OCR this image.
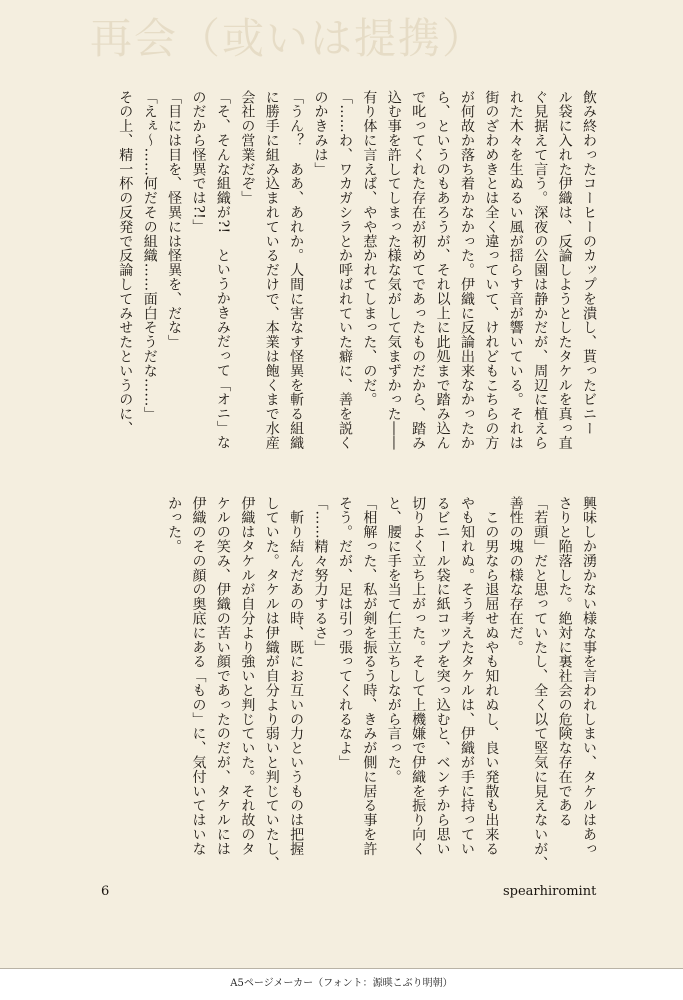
再会（或いは提携）
飲み終わったコーヒーのカップを潰し、貰ったビニー
ル袋に入れた伊織は、反論しようとしたタケルを真っ直
ぐ見据えて言う。深夜の公園は静かだが、周辺に植えら
れた木々を生ぬるい風が揺らす音が響いている。それは
街のざわめきとは全く違っていて、けれどもこちらの方
が何故か落ち着かなかった。伊織に反論出来なかったか
ら、というのもあろうが、それ以上に此処まで踏み込ん
で叱ってくれた存在が初めてであったものだから、踏み
込む事を許してしまった様な気がして気まずかった――
有り体に言えば、やや惹かれてしまった、のだ。
「……わ、ワカガシラとか呼ばれていた癖に、善を説く
のかきみは」
「うん？　ああ、あれか。人間に害なす怪異を斬る組織
に勝手に組み込まれているだけで、本業は飽くまで水産
会社の営業だぞ」
「そ、そんな組織が?!　というかきみだって「オニ」な
のだから怪異では?!」
「目には目を、怪異には怪異を、だな」
「えぇ～……何だその組織……面白そうだな……」
その上、精一杯の反発で反論してみせたというのに、
興味しか湧かない様な事を言われしまい、タケルはあっ
さりと陥落した。絶対に裏社会の危険な存在である
「若頭」だと思っていたし、全く以て堅気に見えないが、
善性の塊の様な存在だ。
　この男なら退屈せぬやも知れぬし、良い発散も出来る
やも知れぬ。そう考えたタケルは、伊織が手に持ってい
るビニール袋に紙コップを突っ込むと、ベンチから思い
切りよく立ち上がった。そして上機嫌で伊織を振り向く
と、腰に手を当て仁王立ちしながら言った。
「相解った、私が剣を振るう時、きみが側に居る事を許
そう。だが、足は引っ張ってくれるなよ」
「……精々努力するさ」
　斬り結んだあの時、既にお互いの力というものは把握
していた。タケルは伊織が自分より弱いと判じていたし、
伊織はタケルが自分より強いと判じていた。それ故のタ
ケルの笑み、伊織の苦い顔であったのだが、タケルには
伊織のその顔の奥底にある「もの」に、気付いてはいな
かった。
6	spearhiromint
A5ページメーカー（フォント：源暎こぶり明朝）
